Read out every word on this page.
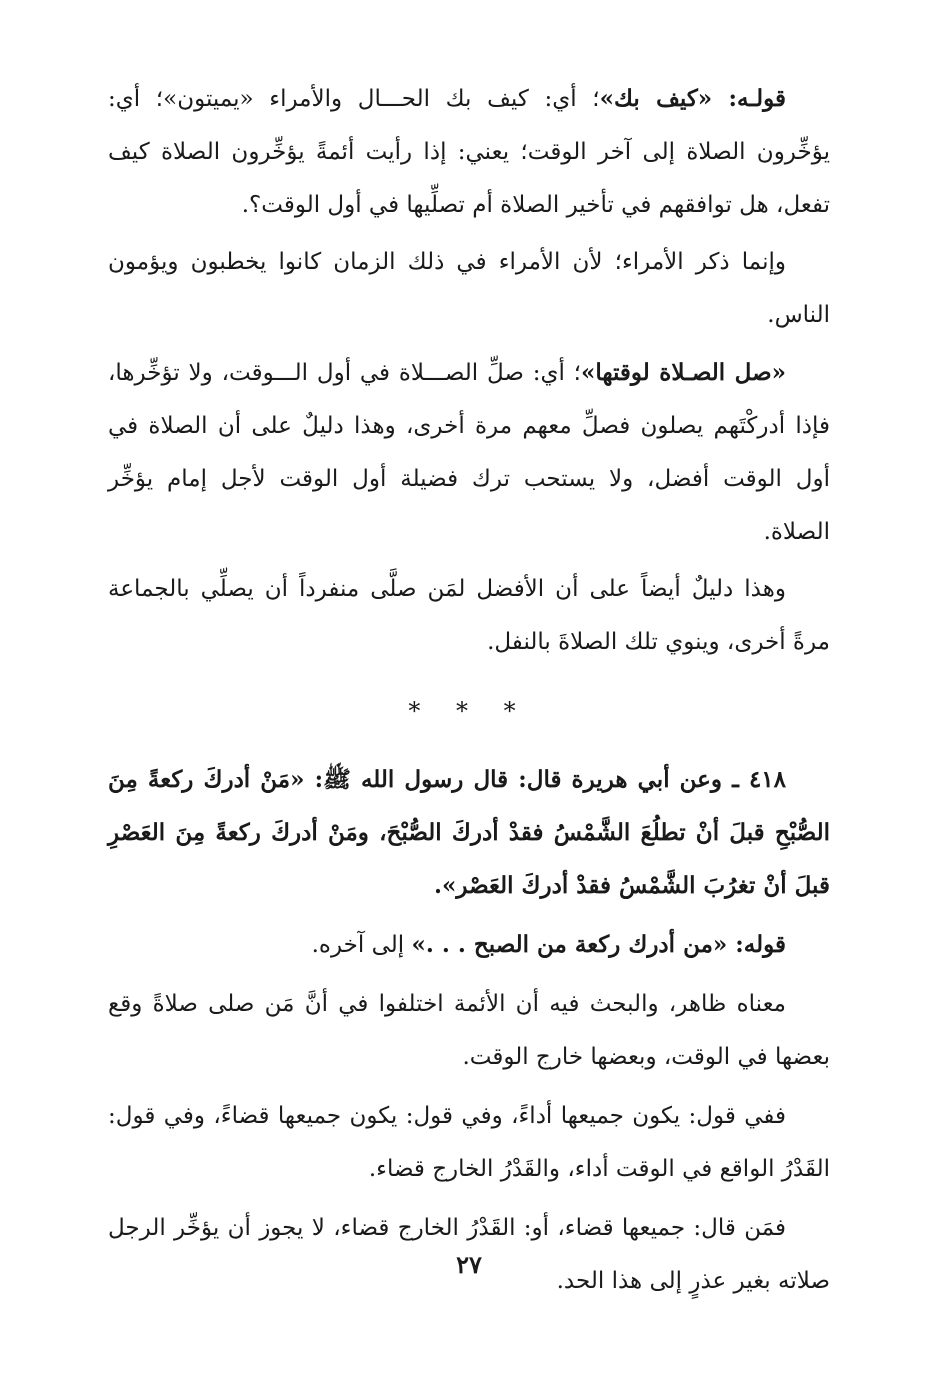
قولـه: «كيف بك»؛ أي: كيف بك الحـــال والأمراء «يميتون»؛ أي: يؤخِّرون الصلاة إلى آخر الوقت؛ يعني: إذا رأيت أئمةً يؤخِّرون الصلاة كيف تفعل، هل توافقهم في تأخير الصلاة أم تصلِّيها في أول الوقت؟.

وإنما ذكر الأمراء؛ لأن الأمراء في ذلك الزمان كانوا يخطبون ويؤمون الناس.

«صل الصـلاة لوقتها»؛ أي: صلِّ الصـــلاة في أول الـــوقت، ولا تؤخِّرها، فإذا أدركْتَهم يصلون فصلِّ معهم مرة أخرى، وهذا دليلٌ على أن الصلاة في أول الوقت أفضل، ولا يستحب ترك فضيلة أول الوقت لأجل إمام يؤخِّر الصلاة.

وهذا دليلٌ أيضاً على أن الأفضل لمَن صلَّى منفرداً أن يصلِّي بالجماعة مرةً أخرى، وينوي تلك الصلاةَ بالنفل.

* * *

٤١٨ ـ وعن أبي هريرة قال: قال رسول الله ﷺ: «مَنْ أدركَ ركعةً مِنَ الصُّبْحِ قبلَ أنْ تطلُعَ الشَّمْسُ فقدْ أدركَ الصُّبْحَ، ومَنْ أدركَ ركعةً مِنَ العَصْرِ قبلَ أنْ تغرُبَ الشَّمْسُ فقدْ أدركَ العَصْر».

قوله: «من أدرك ركعة من الصبح . . .» إلى آخره.

معناه ظاهر، والبحث فيه أن الأئمة اختلفوا في أنَّ مَن صلى صلاةً وقع بعضها في الوقت، وبعضها خارج الوقت.

ففي قول: يكون جميعها أداءً، وفي قول: يكون جميعها قضاءً، وفي قول: القَدْرُ الواقع في الوقت أداء، والقَدْرُ الخارج قضاء.

فمَن قال: جميعها قضاء، أو: القَدْرُ الخارج قضاء، لا يجوز أن يؤخِّر الرجل صلاته بغير عذرٍ إلى هذا الحد.

٢٧
